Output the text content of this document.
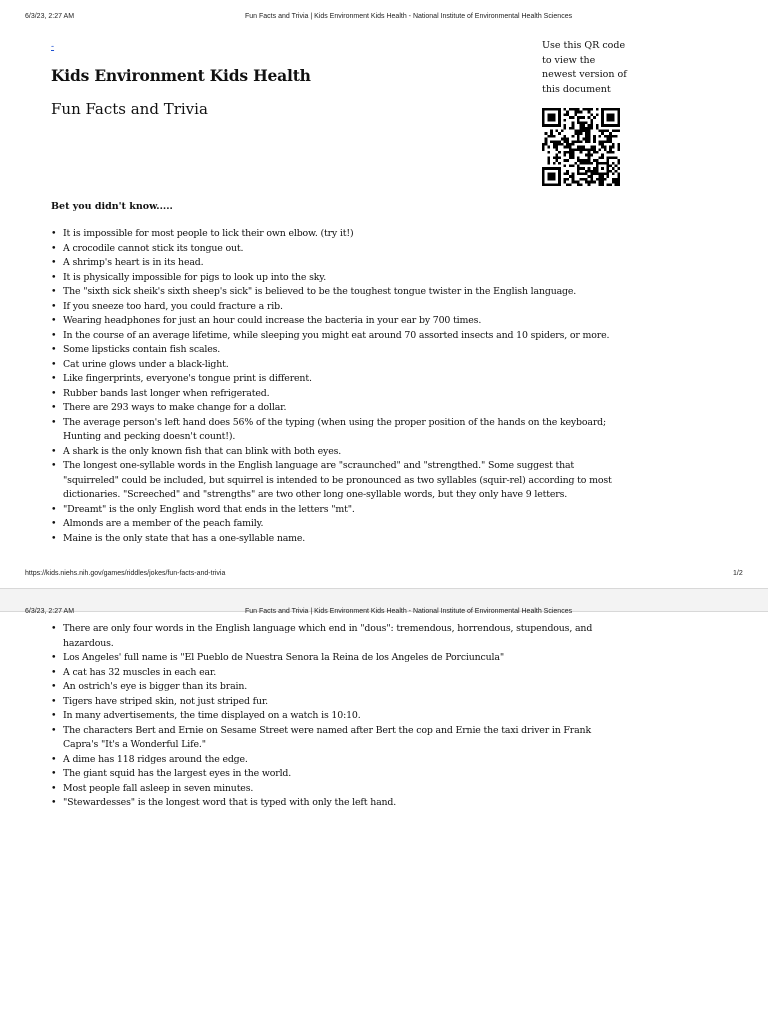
6/3/23, 2:27 AM	Fun Facts and Trivia | Kids Environment Kids Health - National Institute of Environmental Health Sciences
-
Kids Environment Kids Health
Fun Facts and Trivia
Use this QR code to view the newest version of this document
Bet you didn't know.....
• It is impossible for most people to lick their own elbow. (try it!)
• A crocodile cannot stick its tongue out.
• A shrimp's heart is in its head.
• It is physically impossible for pigs to look up into the sky.
• The "sixth sick sheik's sixth sheep's sick" is believed to be the toughest tongue twister in the English language.
• If you sneeze too hard, you could fracture a rib.
• Wearing headphones for just an hour could increase the bacteria in your ear by 700 times.
• In the course of an average lifetime, while sleeping you might eat around 70 assorted insects and 10 spiders, or more.
• Some lipsticks contain fish scales.
• Cat urine glows under a black-light.
• Like fingerprints, everyone's tongue print is different.
• Rubber bands last longer when refrigerated.
• There are 293 ways to make change for a dollar.
• The average person's left hand does 56% of the typing (when using the proper position of the hands on the keyboard; Hunting and pecking doesn't count!).
• A shark is the only known fish that can blink with both eyes.
• The longest one-syllable words in the English language are "scraunched" and "strengthed." Some suggest that "squirreled" could be included, but squirrel is intended to be pronounced as two syllables (squir-rel) according to most dictionaries. "Screeched" and "strengths" are two other long one-syllable words, but they only have 9 letters.
• "Dreamt" is the only English word that ends in the letters "mt".
• Almonds are a member of the peach family.
• Maine is the only state that has a one-syllable name.
https://kids.niehs.nih.gov/games/riddles/jokes/fun-facts-and-trivia	1/2
6/3/23, 2:27 AM	Fun Facts and Trivia | Kids Environment Kids Health - National Institute of Environmental Health Sciences
• There are only four words in the English language which end in "dous": tremendous, horrendous, stupendous, and hazardous.
• Los Angeles' full name is "El Pueblo de Nuestra Senora la Reina de los Angeles de Porciuncula"
• A cat has 32 muscles in each ear.
• An ostrich's eye is bigger than its brain.
• Tigers have striped skin, not just striped fur.
• In many advertisements, the time displayed on a watch is 10:10.
• The characters Bert and Ernie on Sesame Street were named after Bert the cop and Ernie the taxi driver in Frank Capra's "It's a Wonderful Life."
• A dime has 118 ridges around the edge.
• The giant squid has the largest eyes in the world.
• Most people fall asleep in seven minutes.
• "Stewardesses" is the longest word that is typed with only the left hand.
